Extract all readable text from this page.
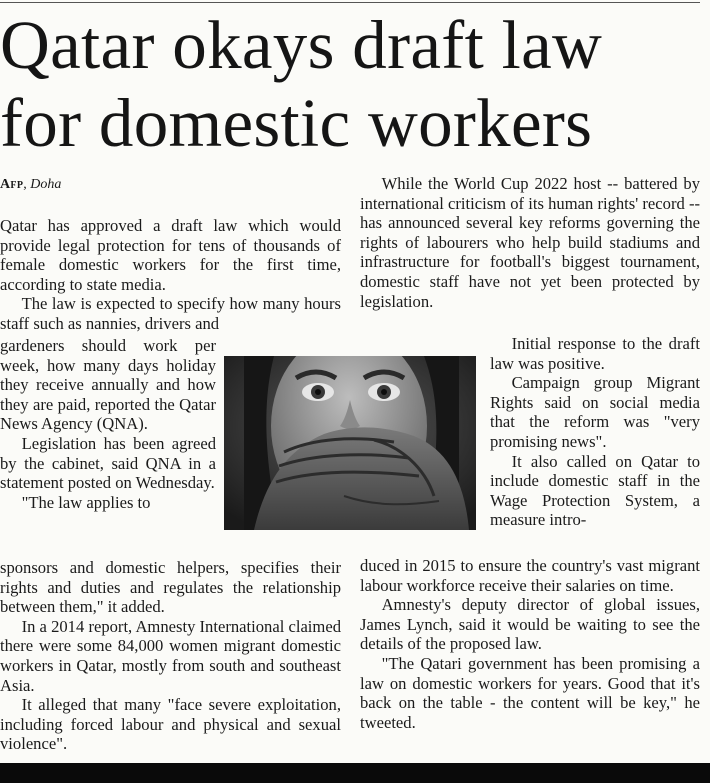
Qatar okays draft law
for domestic workers
Afp, Doha

Qatar has approved a draft law which would provide legal protection for tens of thousands of female domestic workers for the first time, according to state media.

The law is expected to specify how many hours staff such as nannies, drivers and

gardeners should work per week, how many days holiday they receive annually and how they are paid, reported the Qatar News Agency (QNA).

Legislation has been agreed by the cabinet, said QNA in a statement posted on Wednesday.

"The law applies to

sponsors and domestic helpers, specifies their rights and duties and regulates the relationship between them," it added.

In a 2014 report, Amnesty International claimed there were some 84,000 women migrant domestic workers in Qatar, mostly from south and southeast Asia.

It alleged that many "face severe exploitation, including forced labour and physical and sexual violence".

While the World Cup 2022 host -- battered by international criticism of its human rights' record -- has announced several key reforms governing the rights of labourers who help build stadiums and infrastructure for football's biggest tournament, domestic staff have not yet been protected by legislation.

Initial response to the draft law was positive.

Campaign group Migrant Rights said on social media that the reform was "very promising news".

It also called on Qatar to include domestic staff in the Wage Protection System, a measure intro-

duced in 2015 to ensure the country's vast migrant labour workforce receive their salaries on time.

Amnesty's deputy director of global issues, James Lynch, said it would be waiting to see the details of the proposed law.

"The Qatari government has been promising a law on domestic workers for years. Good that it's back on the table - the content will be key," he tweeted.
